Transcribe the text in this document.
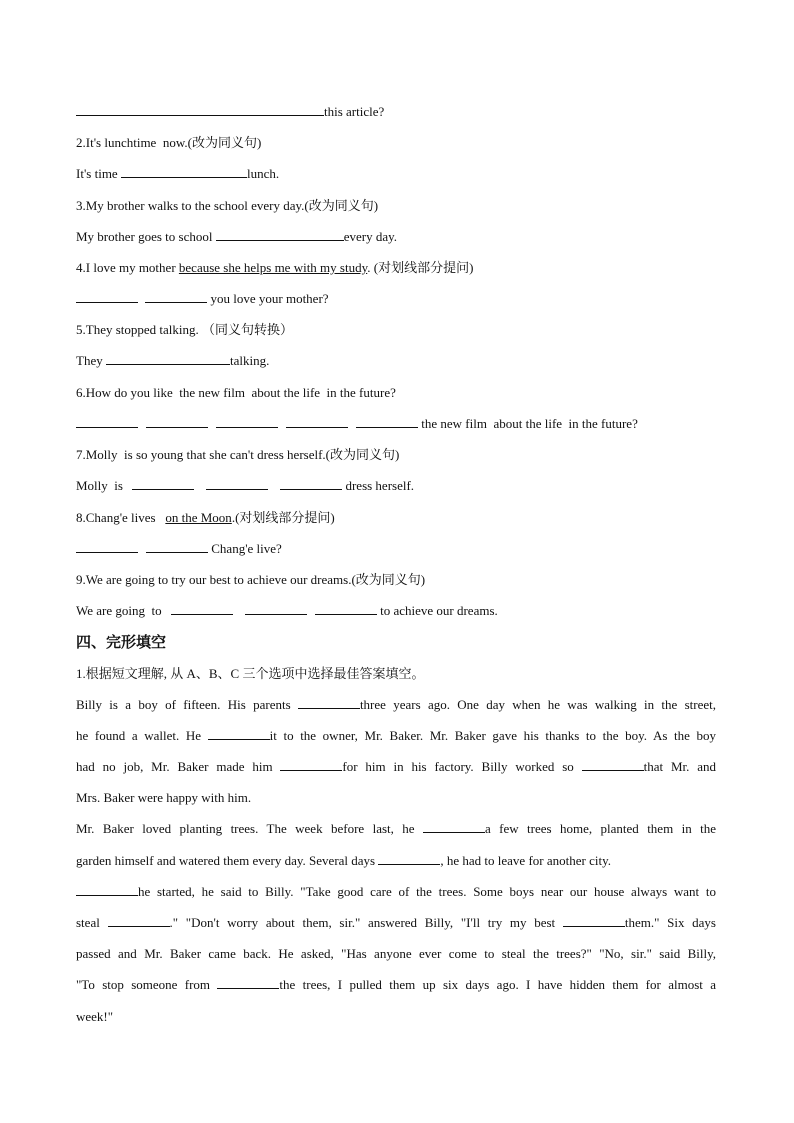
this article?
2.It's lunchtime  now.(改为同义句)
It's time	lunch.
3.My brother walks to the school every day.(改为同义句)
My brother goes to school	every day.
4.I love my mother because she helps me with my study. (对划线部分提问)
you love your mother?
5.They stopped talking. （同义句转换）
They	talking.
6.How do you like  the new film  about the life  in the future?
the new film  about the life  in the future?
7.Molly  is so young that she can't dress herself.(改为同义句)
Molly  is	dress herself.
8.Chang'e lives   on the Moon.(对划线部分提问)
Chang'e live?
9.We are going to try our best to achieve our dreams.(改为同义句)
We are going  to	to achieve our dreams.
四、完形填空
1.根据短文理解, 从 A、B、C 三个选项中选择最佳答案填空。
Billy is a boy of fifteen. His parents	three years ago. One day when he was walking in the street,
he found a wallet. He	it to the owner, Mr. Baker. Mr. Baker gave his thanks to the boy. As the boy
had no job, Mr. Baker made him	for him in his factory. Billy worked so	that Mr. and
Mrs. Baker were happy with him.
Mr. Baker loved planting trees. The week before last, he	a few trees home, planted them in the
garden himself and watered them every day. Several days	, he had to leave for another city.
he started, he said to Billy. "Take good care of the trees. Some boys near our house always want to
steal	." "Don't worry about them, sir." answered Billy, "I'll try my best	them." Six days
passed and Mr. Baker came back. He asked, "Has anyone ever come to steal the trees?" "No, sir." said Billy,
"To stop someone from	the trees, I pulled them up six days ago. I have hidden them for almost a
week!"
